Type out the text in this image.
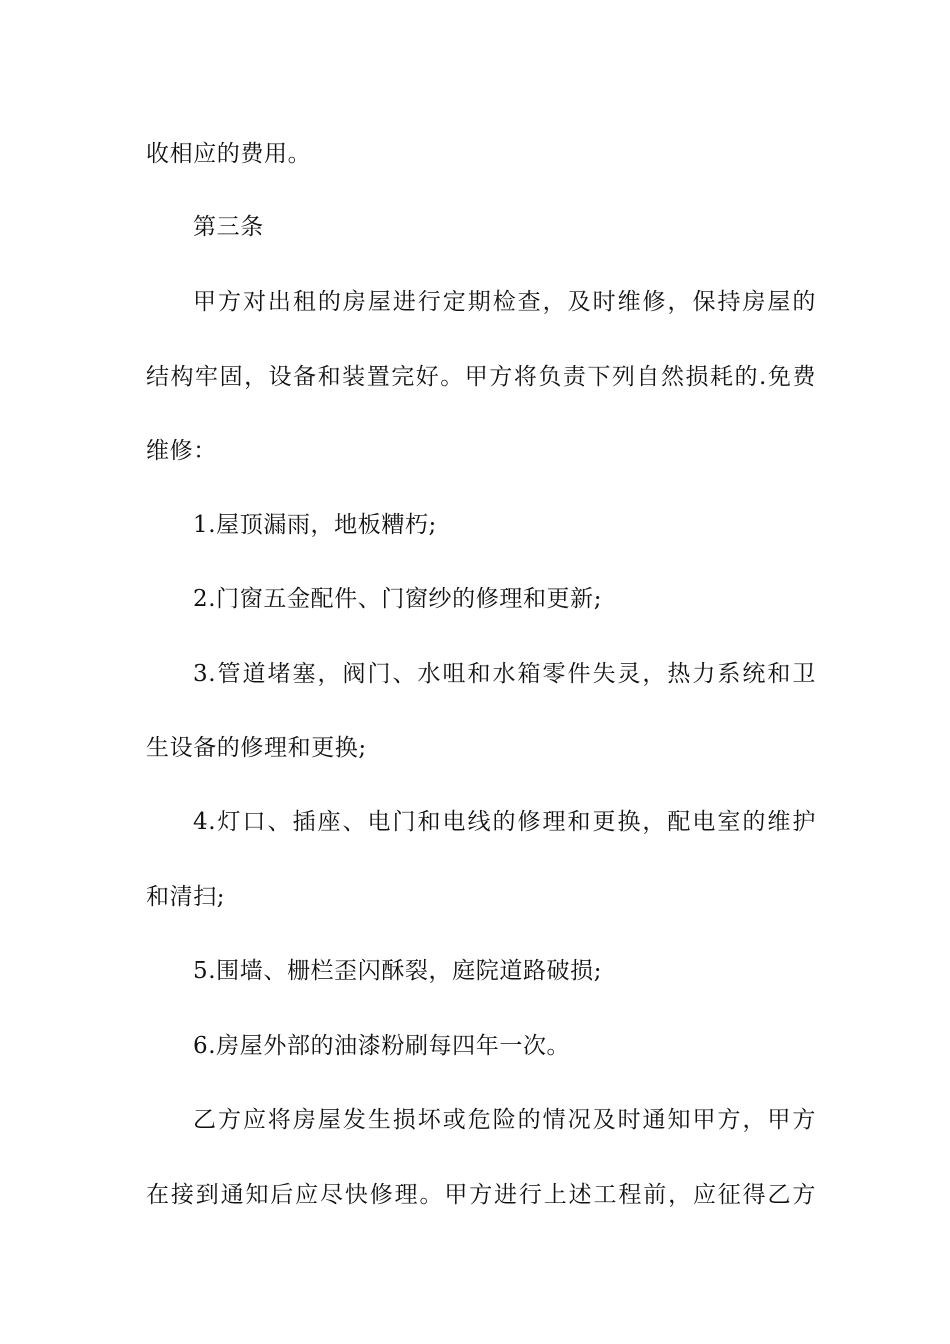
收相应的费用。
第三条
甲方对出租的房屋进行定期检查，及时维修，保持房屋的
结构牢固，设备和装置完好。甲方将负责下列自然损耗的.免费
维修：
1.屋顶漏雨，地板糟朽;
2.门窗五金配件、门窗纱的修理和更新;
3.管道堵塞，阀门、水咀和水箱零件失灵，热力系统和卫
生设备的修理和更换;
4.灯口、插座、电门和电线的修理和更换，配电室的维护
和清扫;
5.围墙、栅栏歪闪酥裂，庭院道路破损;
6.房屋外部的油漆粉刷每四年一次。
乙方应将房屋发生损坏或危险的情况及时通知甲方，甲方
在接到通知后应尽快修理。甲方进行上述工程前，应征得乙方
